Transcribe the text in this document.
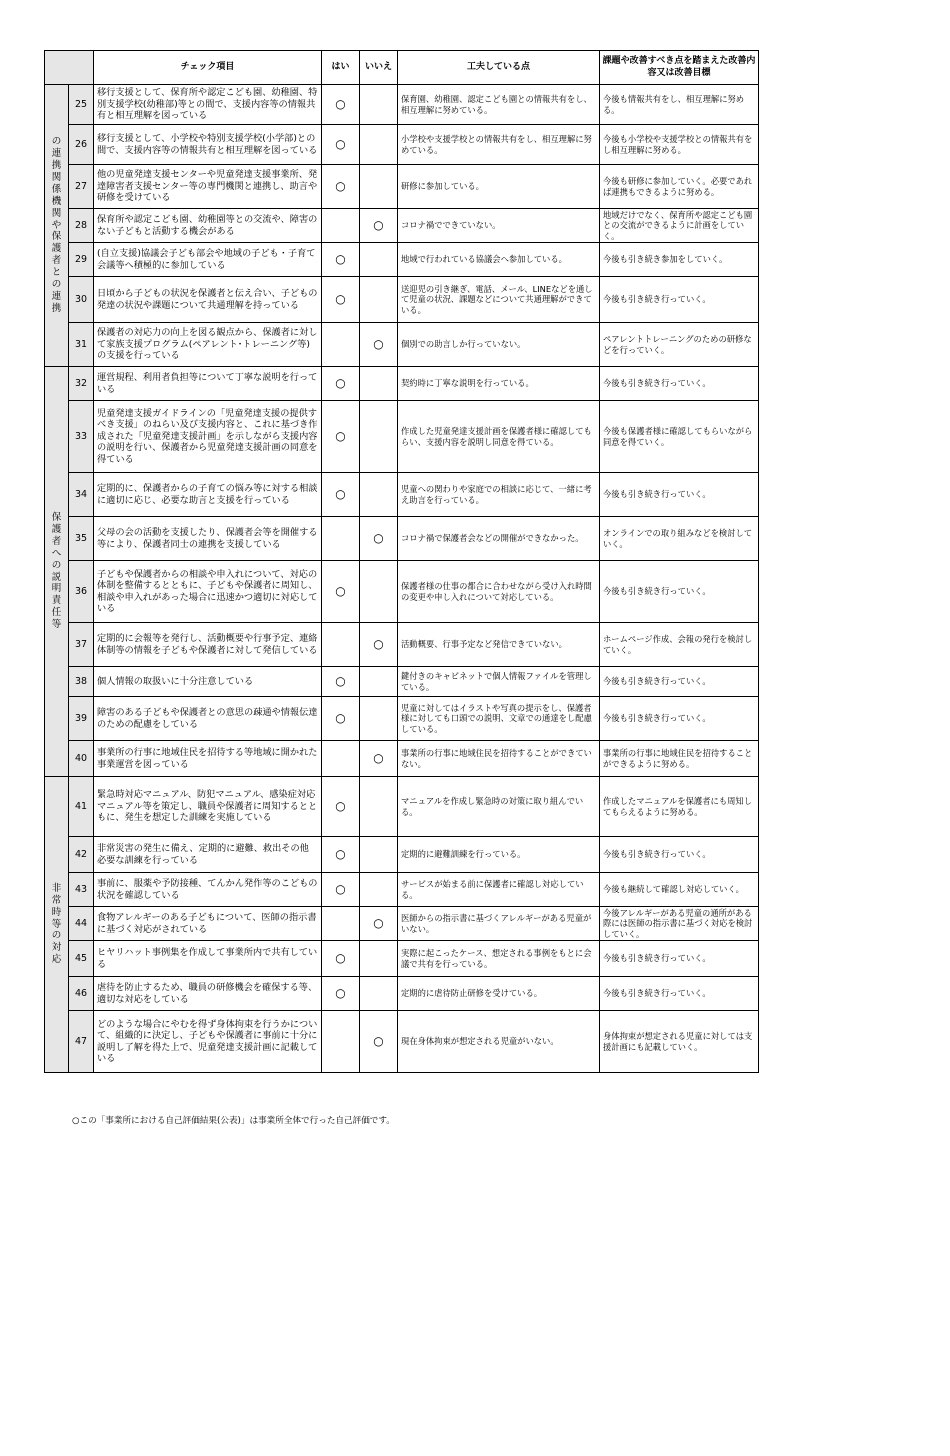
		チェック項目	はい	いいえ	工夫している点	課題や改善すべき点を踏まえた改善内容又は改善目標

の連携関係機関や保護者との連携	25	移行支援として、保育所や認定こども園、幼稚園、特別支援学校(幼稚部)等との間で、支援内容等の情報共有と相互理解を図っている	○		保育園、幼稚園、認定こども園との情報共有をし、相互理解に努めている。	今後も情報共有をし、相互理解に努める。
	26	移行支援として、小学校や特別支援学校(小学部)との間で、支援内容等の情報共有と相互理解を図っている	○		小学校や支援学校との情報共有をし、相互理解に努めている。	今後も小学校や支援学校との情報共有をし相互理解に努める。
	27	他の児童発達支援センターや児童発達支援事業所、発達障害者支援センター等の専門機関と連携し、助言や研修を受けている	○		研修に参加している。	今後も研修に参加していく。必要であれば連携もできるように努める。
	28	保育所や認定こども園、幼稚園等との交流や、障害のない子どもと活動する機会がある		○	コロナ禍でできていない。	地域だけでなく、保育所や認定こども園との交流ができるように計画をしていく。
	29	(自立支援)協議会子ども部会や地域の子ども・子育て会議等へ積極的に参加している	○		地域で行われている協議会へ参加している。	今後も引き続き参加をしていく。
	30	日頃から子どもの状況を保護者と伝え合い、子どもの発達の状況や課題について共通理解を持っている	○		送迎児の引き継ぎ、電話、メール、LINEなどを通して児童の状況、課題などについて共通理解ができている。	今後も引き続き行っていく。
	31	保護者の対応力の向上を図る観点から、保護者に対して家族支援プログラム(ペアレント･トレーニング等)の支援を行っている		○	個別での助言しか行っていない。	ペアレントトレーニングのための研修などを行っていく。

保護者への説明責任等	32	運営規程、利用者負担等について丁寧な説明を行っている	○		契約時に丁寧な説明を行っている。	今後も引き続き行っていく。
	33	児童発達支援ガイドラインの「児童発達支援の提供すべき支援」のねらい及び支援内容と、これに基づき作成された「児童発達支援計画」を示しながら支援内容の説明を行い、保護者から児童発達支援計画の同意を得ている	○		作成した児童発達支援計画を保護者様に確認してもらい、支援内容を説明し同意を得ている。	今後も保護者様に確認してもらいながら同意を得ていく。
	34	定期的に、保護者からの子育ての悩み等に対する相談に適切に応じ、必要な助言と支援を行っている	○		児童への関わりや家庭での相談に応じて、一緒に考え助言を行っている。	今後も引き続き行っていく。
	35	父母の会の活動を支援したり、保護者会等を開催する等により、保護者同士の連携を支援している		○	コロナ禍で保護者会などの開催ができなかった。	オンラインでの取り組みなどを検討していく。
	36	子どもや保護者からの相談や申入れについて、対応の体制を整備するとともに、子どもや保護者に周知し、相談や申入れがあった場合に迅速かつ適切に対応している	○		保護者様の仕事の都合に合わせながら受け入れ時間の変更や申し入れについて対応している。	今後も引き続き行っていく。
	37	定期的に会報等を発行し、活動概要や行事予定、連絡体制等の情報を子どもや保護者に対して発信している		○	活動概要、行事予定など発信できていない。	ホームページ作成、会報の発行を検討していく。
	38	個人情報の取扱いに十分注意している	○		鍵付きのキャビネットで個人情報ファイルを管理している。	今後も引き続き行っていく。
	39	障害のある子どもや保護者との意思の疎通や情報伝達のための配慮をしている	○		児童に対してはイラストや写真の提示をし、保護者様に対しても口頭での説明、文章での通達をし配慮している。	今後も引き続き行っていく。
	40	事業所の行事に地域住民を招待する等地域に開かれた事業運営を図っている		○	事業所の行事に地域住民を招待することができていない。	事業所の行事に地域住民を招待することができるように努める。

非常時等の対応	41	緊急時対応マニュアル、防犯マニュアル、感染症対応マニュアル等を策定し、職員や保護者に周知するとともに、発生を想定した訓練を実施している	○		マニュアルを作成し緊急時の対策に取り組んでいる。	作成したマニュアルを保護者にも周知してもらえるように努める。
	42	非常災害の発生に備え、定期的に避難、救出その他必要な訓練を行っている	○		定期的に避難訓練を行っている。	今後も引き続き行っていく。
	43	事前に、服薬や予防接種、てんかん発作等のこどもの状況を確認している	○		サービスが始まる前に保護者に確認し対応している。	今後も継続して確認し対応していく。
	44	食物アレルギーのある子どもについて、医師の指示書に基づく対応がされている		○	医師からの指示書に基づくアレルギーがある児童がいない。	今後アレルギーがある児童の通所がある際には医師の指示書に基づく対応を検討していく。
	45	ヒヤリハット事例集を作成して事業所内で共有している	○		実際に起こったケース、想定される事例をもとに会議で共有を行っている。	今後も引き続き行っていく。
	46	虐待を防止するため、職員の研修機会を確保する等、適切な対応をしている	○		定期的に虐待防止研修を受けている。	今後も引き続き行っていく。
	47	どのような場合にやむを得ず身体拘束を行うかについて、組織的に決定し、子どもや保護者に事前に十分に説明し了解を得た上で、児童発達支援計画に記載している		○	現在身体拘束が想定される児童がいない。	身体拘束が想定される児童に対しては支援計画にも記載していく。

○この「事業所における自己評価結果(公表)」は事業所全体で行った自己評価です。
